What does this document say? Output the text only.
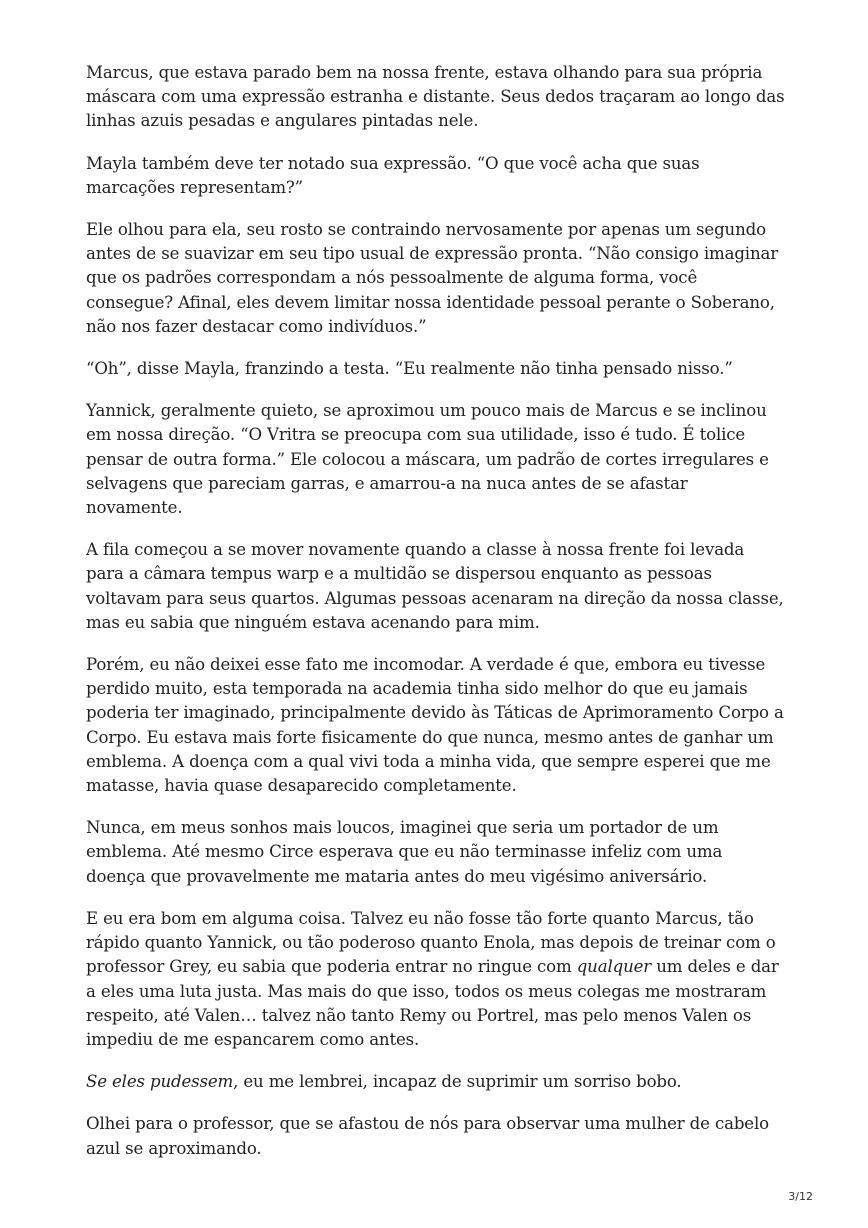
Marcus, que estava parado bem na nossa frente, estava olhando para sua própria máscara com uma expressão estranha e distante. Seus dedos traçaram ao longo das linhas azuis pesadas e angulares pintadas nele.

Mayla também deve ter notado sua expressão. “O que você acha que suas marcações representam?”

Ele olhou para ela, seu rosto se contraindo nervosamente por apenas um segundo antes de se suavizar em seu tipo usual de expressão pronta. “Não consigo imaginar que os padrões correspondam a nós pessoalmente de alguma forma, você consegue? Afinal, eles devem limitar nossa identidade pessoal perante o Soberano, não nos fazer destacar como indivíduos.”

“Oh”, disse Mayla, franzindo a testa. “Eu realmente não tinha pensado nisso.”

Yannick, geralmente quieto, se aproximou um pouco mais de Marcus e se inclinou em nossa direção. “O Vritra se preocupa com sua utilidade, isso é tudo. É tolice pensar de outra forma.” Ele colocou a máscara, um padrão de cortes irregulares e selvagens que pareciam garras, e amarrou-a na nuca antes de se afastar novamente.

A fila começou a se mover novamente quando a classe à nossa frente foi levada para a câmara tempus warp e a multidão se dispersou enquanto as pessoas voltavam para seus quartos. Algumas pessoas acenaram na direção da nossa classe, mas eu sabia que ninguém estava acenando para mim.

Porém, eu não deixei esse fato me incomodar. A verdade é que, embora eu tivesse perdido muito, esta temporada na academia tinha sido melhor do que eu jamais poderia ter imaginado, principalmente devido às Táticas de Aprimoramento Corpo a Corpo. Eu estava mais forte fisicamente do que nunca, mesmo antes de ganhar um emblema. A doença com a qual vivi toda a minha vida, que sempre esperei que me matasse, havia quase desaparecido completamente.

Nunca, em meus sonhos mais loucos, imaginei que seria um portador de um emblema. Até mesmo Circe esperava que eu não terminasse infeliz com uma doença que provavelmente me mataria antes do meu vigésimo aniversário.

E eu era bom em alguma coisa. Talvez eu não fosse tão forte quanto Marcus, tão rápido quanto Yannick, ou tão poderoso quanto Enola, mas depois de treinar com o professor Grey, eu sabia que poderia entrar no ringue com qualquer um deles e dar a eles uma luta justa. Mas mais do que isso, todos os meus colegas me mostraram respeito, até Valen… talvez não tanto Remy ou Portrel, mas pelo menos Valen os impediu de me espancarem como antes.

Se eles pudessem, eu me lembrei, incapaz de suprimir um sorriso bobo.

Olhei para o professor, que se afastou de nós para observar uma mulher de cabelo azul se aproximando.

3/12
